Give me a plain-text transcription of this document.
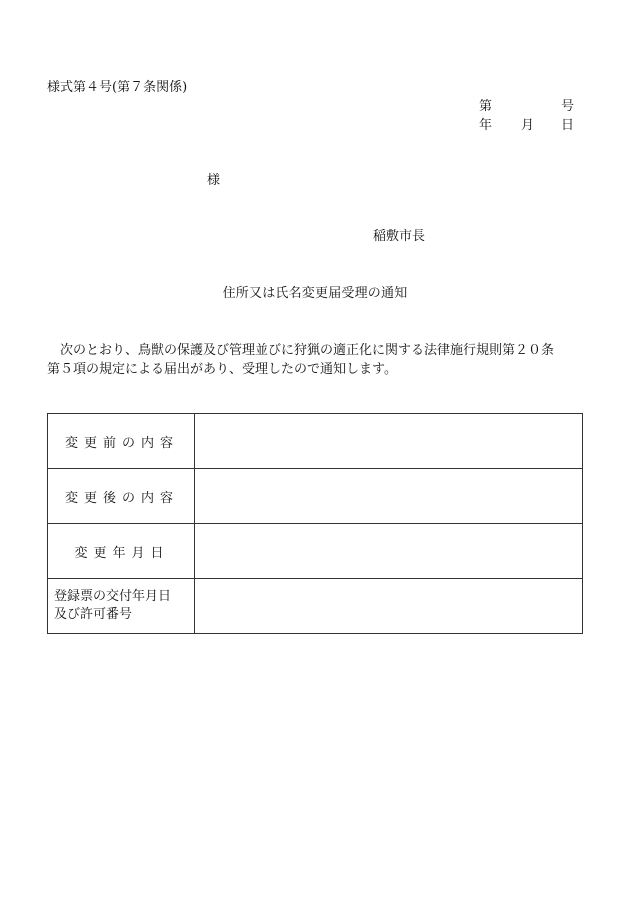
様式第４号(第７条関係)
第	号
年 月 日
様
稲敷市長
住所又は氏名変更届受理の通知

　次のとおり、鳥獣の保護及び管理並びに狩猟の適正化に関する法律施行規則第２０条

第５項の規定による届出があり、受理したので通知します。

変更前の内容	
変更後の内容	
変更年月日	

登録票の交付年月日
及び許可番号	
